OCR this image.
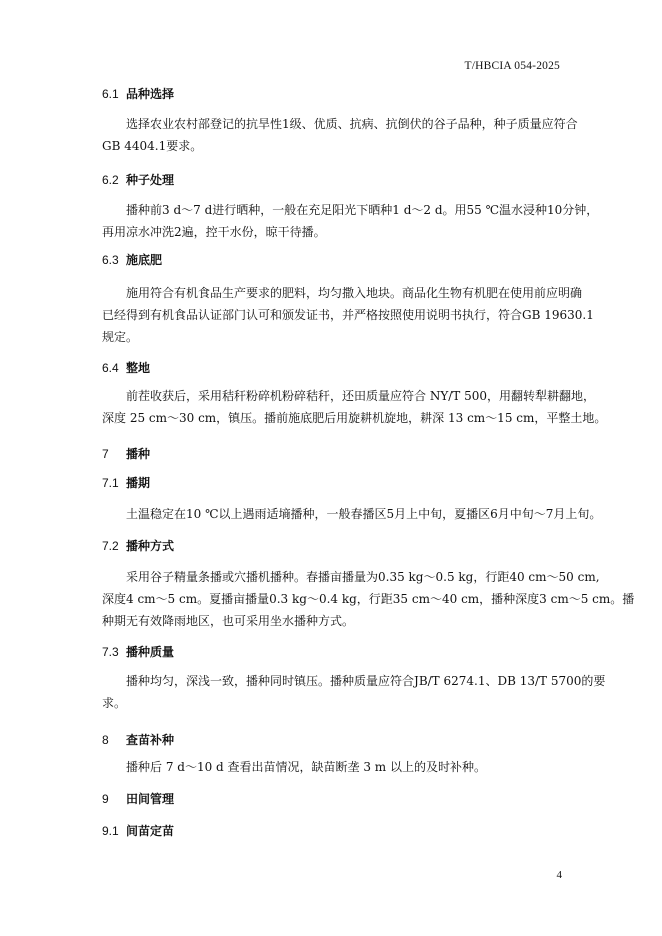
T/HBCIA 054-2025
6.1 品种选择
选择农业农村部登记的抗旱性1级、优质、抗病、抗倒伏的谷子品种，种子质量应符合
GB 4404.1要求。
6.2 种子处理
播种前3 d～7 d进行晒种，一般在充足阳光下晒种1 d～2 d。用55 ℃温水浸种10分钟，
再用凉水冲洗2遍，控干水份，晾干待播。
6.3 施底肥
施用符合有机食品生产要求的肥料，均匀撒入地块。商品化生物有机肥在使用前应明确
已经得到有机食品认证部门认可和颁发证书，并严格按照使用说明书执行，符合GB 19630.1
规定。
6.4 整地
前茬收获后，采用秸秆粉碎机粉碎秸秆，还田质量应符合 NY/T 500，用翻转犁耕翻地，
深度 25 cm～30 cm，镇压。播前施底肥后用旋耕机旋地，耕深 13 cm～15 cm，平整土地。
7 播种
7.1 播期
土温稳定在10 ℃以上遇雨适墒播种，一般春播区5月上中旬，夏播区6月中旬～7月上旬。
7.2 播种方式
采用谷子精量条播或穴播机播种。春播亩播量为0.35 kg～0.5 kg，行距40 cm～50 cm,
深度4 cm～5 cm。夏播亩播量0.3 kg～0.4 kg，行距35 cm～40 cm，播种深度3 cm～5 cm。播
种期无有效降雨地区，也可采用坐水播种方式。
7.3 播种质量
播种均匀，深浅一致，播种同时镇压。播种质量应符合JB/T 6274.1、DB 13/T 5700的要
求。
8 查苗补种
播种后 7 d～10 d 查看出苗情况，缺苗断垄 3 m 以上的及时补种。
9 田间管理
9.1 间苗定苗
4
